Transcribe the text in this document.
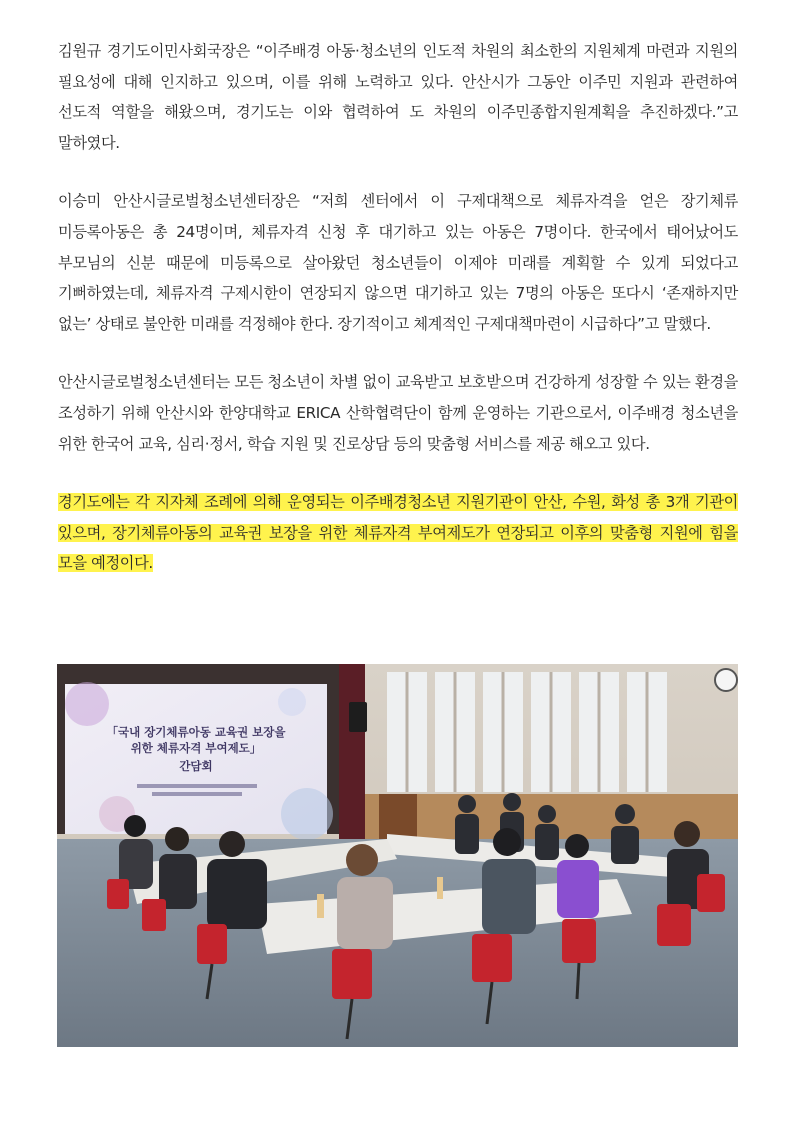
김원규 경기도이민사회국장은 “이주배경 아동·청소년의 인도적 차원의 최소한의 지원체계 마련과 지원의 필요성에 대해 인지하고 있으며, 이를 위해 노력하고 있다. 안산시가 그동안 이주민 지원과 관련하여 선도적 역할을 해왔으며, 경기도는 이와 협력하여 도 차원의 이주민종합지원계획을 추진하겠다.”고 말하였다.

이승미 안산시글로벌청소년센터장은 “저희 센터에서 이 구제대책으로 체류자격을 얻은 장기체류 미등록아동은 총 24명이며, 체류자격 신청 후 대기하고 있는 아동은 7명이다. 한국에서 태어났어도 부모님의 신분 때문에 미등록으로 살아왔던 청소년들이 이제야 미래를 계획할 수 있게 되었다고 기뻐하였는데, 체류자격 구제시한이 연장되지 않으면 대기하고 있는 7명의 아동은 또다시 ‘존재하지만 없는’ 상태로 불안한 미래를 걱정해야 한다. 장기적이고 체계적인 구제대책마련이 시급하다”고 말했다.

안산시글로벌청소년센터는 모든 청소년이 차별 없이 교육받고 보호받으며 건강하게 성장할 수 있는 환경을 조성하기 위해 안산시와 한양대학교 ERICA 산학협력단이 함께 운영하는 기관으로서, 이주배경 청소년을 위한 한국어 교육, 심리·정서, 학습 지원 및 진로상담 등의 맞춤형 서비스를 제공 해오고 있다.

경기도에는 각 지자체 조례에 의해 운영되는 이주배경청소년 지원기관이 안산, 수원, 화성 총 3개 기관이 있으며, 장기체류아동의 교육권 보장을 위한 체류자격 부여제도가 연장되고 이후의 맞춤형 지원에 힘을 모을 예정이다.

「국내 장기체류아동 교육권 보장을
위한 체류자격 부여제도」
간담회
